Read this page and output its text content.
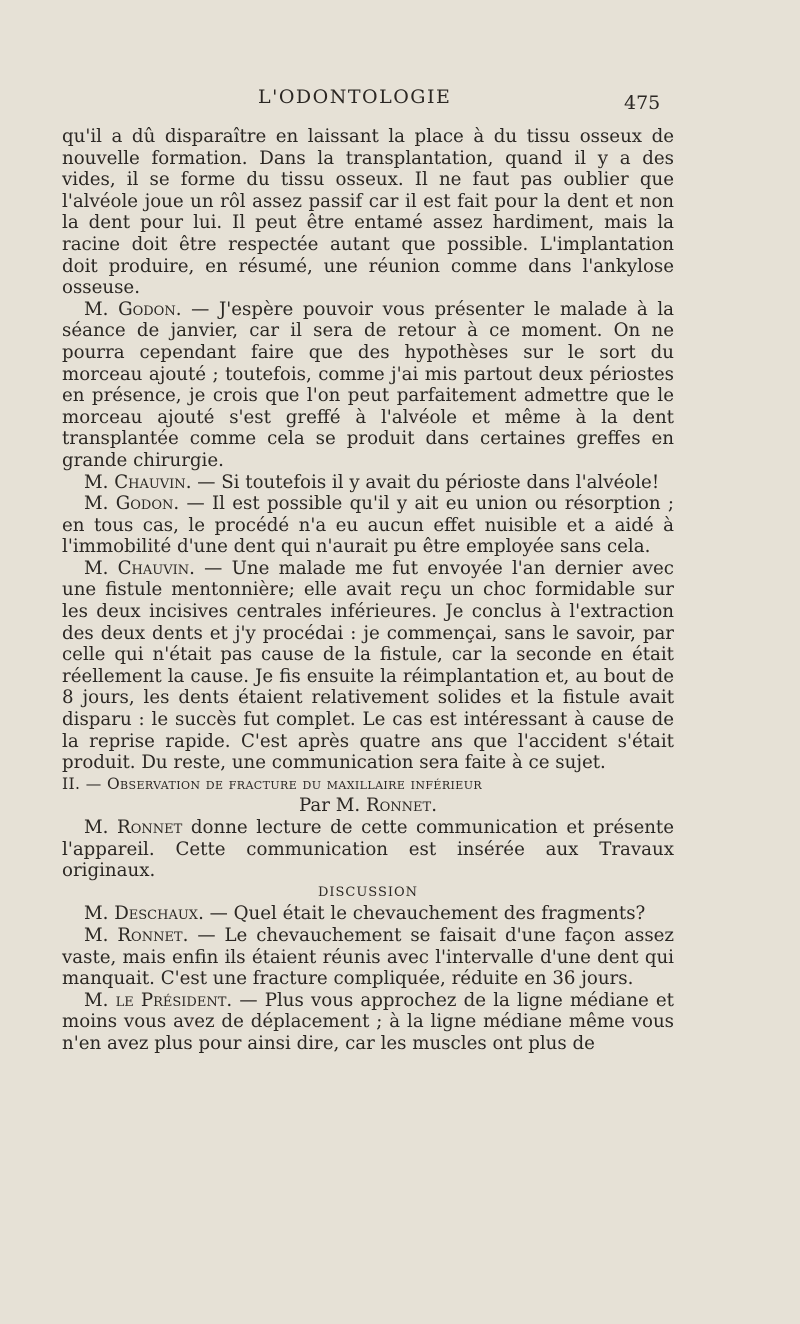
L'ODONTOLOGIE	475

qu'il a dû disparaître en laissant la place à du tissu osseux de nouvelle formation. Dans la transplantation, quand il y a des vides, il se forme du tissu osseux. Il ne faut pas oublier que l'alvéole joue un rôl assez passif car il est fait pour la dent et non la dent pour lui. Il peut être entamé assez hardiment, mais la racine doit être respectée autant que possible. L'implantation doit produire, en résumé, une réunion comme dans l'ankylose osseuse.

M. Godon. — J'espère pouvoir vous présenter le malade à la séance de janvier, car il sera de retour à ce moment. On ne pourra cependant faire que des hypothèses sur le sort du morceau ajouté ; toutefois, comme j'ai mis partout deux périostes en présence, je crois que l'on peut parfaitement admettre que le morceau ajouté s'est greffé à l'alvéole et même à la dent transplantée comme cela se produit dans certaines greffes en grande chirurgie.

M. Chauvin. — Si toutefois il y avait du périoste dans l'alvéole!

M. Godon. — Il est possible qu'il y ait eu union ou résorption ; en tous cas, le procédé n'a eu aucun effet nuisible et a aidé à l'immobilité d'une dent qui n'aurait pu être employée sans cela.

M. Chauvin. — Une malade me fut envoyée l'an dernier avec une fistule mentonnière; elle avait reçu un choc formidable sur les deux incisives centrales inférieures. Je conclus à l'extraction des deux dents et j'y procédai : je commençai, sans le savoir, par celle qui n'était pas cause de la fistule, car la seconde en était réellement la cause. Je fis ensuite la réimplantation et, au bout de 8 jours, les dents étaient relativement solides et la fistule avait disparu : le succès fut complet. Le cas est intéressant à cause de la reprise rapide. C'est après quatre ans que l'accident s'était produit. Du reste, une communication sera faite à ce sujet.

II. — Observation de fracture du maxillaire inférieur

Par M. Ronnet.

M. Ronnet donne lecture de cette communication et présente l'appareil. Cette communication est insérée aux Travaux originaux.

DISCUSSION

M. Deschaux. — Quel était le chevauchement des fragments?

M. Ronnet. — Le chevauchement se faisait d'une façon assez vaste, mais enfin ils étaient réunis avec l'intervalle d'une dent qui manquait. C'est une fracture compliquée, réduite en 36 jours.

M. le Président. — Plus vous approchez de la ligne médiane et moins vous avez de déplacement ; à la ligne médiane même vous n'en avez plus pour ainsi dire, car les muscles ont plus de
